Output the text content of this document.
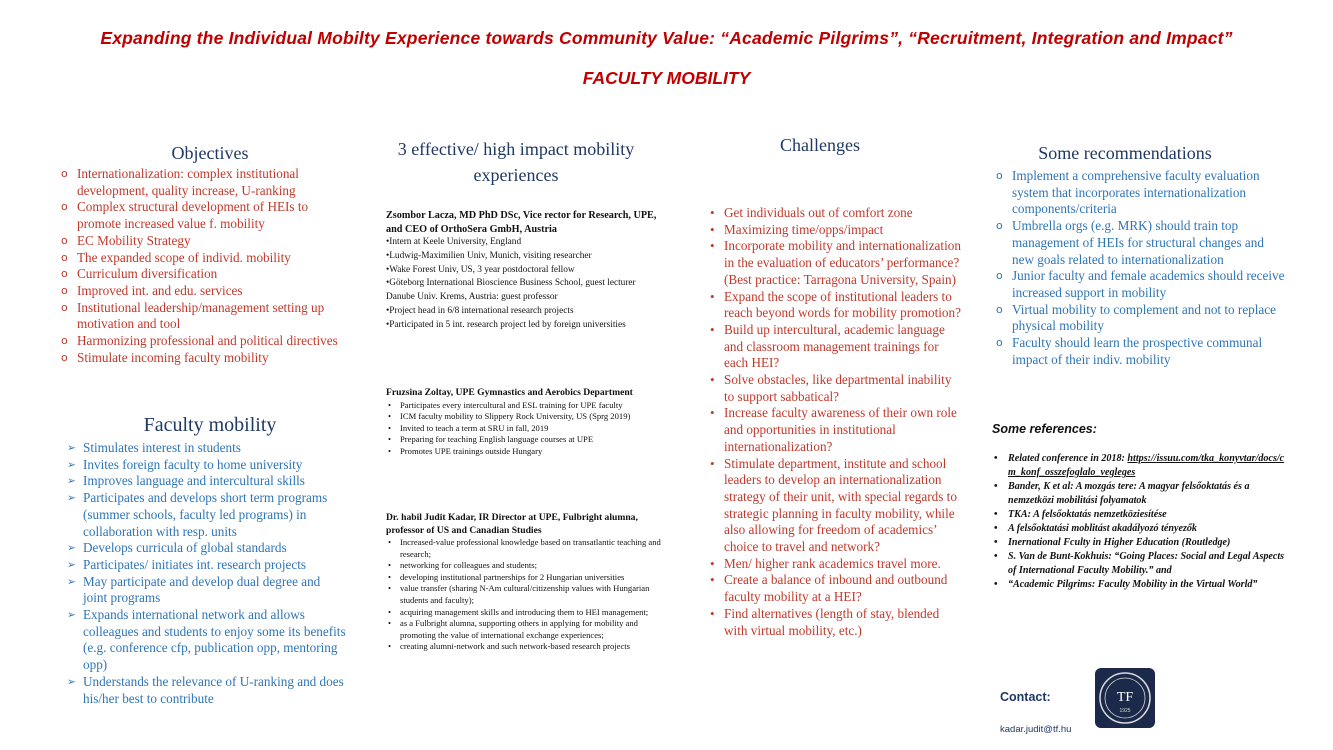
Expanding the Individual Mobilty Experience towards Community Value: “Academic Pilgrims”, “Recruitment, Integration and Impact”
FACULTY MOBILITY
Objectives
o Internationalization: complex institutional development, quality increase, U-ranking
o Complex structural development of HEIs to promote increased value f. mobility
o EC Mobility Strategy
o The expanded scope of individ. mobility
o Curriculum diversification
o Improved int. and edu. services
o Institutional leadership/management setting up motivation and tool
o Harmonizing professional and political directives
o Stimulate incoming faculty mobility
Faculty mobility
➢ Stimulates interest in students
➢ Invites foreign faculty to home university
➢ Improves language and intercultural skills
➢ Participates and develops short term programs (summer schools, faculty led programs) in collaboration with resp. units
➢ Develops curricula of global standards
➢ Participates/ initiates int. research projects
➢ May participate and develop dual degree and joint programs
➢ Expands international network and allows colleagues and students to enjoy some its benefits (e.g. conference cfp, publication opp, mentoring opp)
➢ Understands the relevance of U-ranking and does his/her best to contribute
3 effective/ high impact mobility
experiences
Zsombor Lacza, MD PhD DSc, Vice rector for Research, UPE, and CEO of OrthoSera GmbH, Austria
•Intern at Keele University, England
•Ludwig-Maximilien Univ, Munich, visiting researcher
•Wake Forest Univ, US, 3 year postdoctoral fellow
•Göteborg International Bioscience Business School, guest lecturer
Danube Univ. Krems, Austria: guest professor
•Project head in 6/8 international research projects
•Participated in 5 int. research project led by foreign universities
Fruzsina Zoltay, UPE Gymnastics and Aerobics Department
• Participates every intercultural and ESL training for UPE faculty
• ICM faculty mobility to Slippery Rock University, US (Sprg 2019)
• Invited to teach a term at SRU in fall, 2019
• Preparing for teaching English language courses at UPE
• Promotes UPE trainings outside Hungary
Dr. habil Judit Kadar, IR Director at UPE, Fulbright alumna, professor of US and Canadian Studies
• Increased-value professional knowledge based on transatlantic teaching and research;
• networking for colleagues and students;
• developing institutional partnerships for 2 Hungarian universities
• value transfer (sharing N-Am cultural/citizenship values with Hungarian students and faculty);
• acquiring management skills and introducing them to HEI management;
• as a Fulbright alumna, supporting others in applying for mobility and promoting the value of international exchange experiences;
• creating alumni-network and such network-based research projects
Challenges
• Get individuals out of comfort zone
• Maximizing time/opps/impact
• Incorporate mobility and internationalization in the evaluation of educators’ performance? (Best practice: Tarragona University, Spain)
• Expand the scope of institutional leaders to reach beyond words for mobility promotion?
• Build up intercultural, academic language and classroom management trainings for each HEI?
• Solve obstacles, like departmental inability to support sabbatical?
• Increase faculty awareness of their own role and opportunities in institutional internationalization?
• Stimulate department, institute and school leaders to develop an internationalization strategy of their unit, with special regards to strategic planning in faculty mobility, while also allowing for freedom of academics’ choice to travel and network?
• Men/ higher rank academics travel more.
• Create a balance of inbound and outbound faculty mobility at a HEI?
• Find alternatives (length of stay, blended with virtual mobility, etc.)
Some recommendations
o Implement a comprehensive faculty evaluation system that incorporates internationalization components/criteria
o Umbrella orgs (e.g. MRK) should train top management of HEIs for structural changes and new goals related to internationalization
o Junior faculty and female academics should receive increased support in mobility
o Virtual mobility to complement and not to replace physical mobility
o Faculty should learn the prospective communal impact of their indiv. mobility
Some references:
• Related conference in 2018: https://issuu.com/tka_konyvtar/docs/cm_konf_osszefoglalo_vegleges
• Bander, K et al: A mozgás tere: A magyar felsőoktatás és a nemzetközi mobilitási folyamatok
• TKA: A felsőoktatás nemzetköziesítése
• A felsőoktatási moblitást akadályozó tényezők
• Inernational Fculty in Higher Education (Routledge)
• S. Van de Bunt-Kokhuis: “Going Places: Social and Legal Aspects of International Faculty Mobility.” and
• “Academic Pilgrims: Faculty Mobility in the Virtual World”
Contact:
kadar.judit@tf.hu
TF
1925
